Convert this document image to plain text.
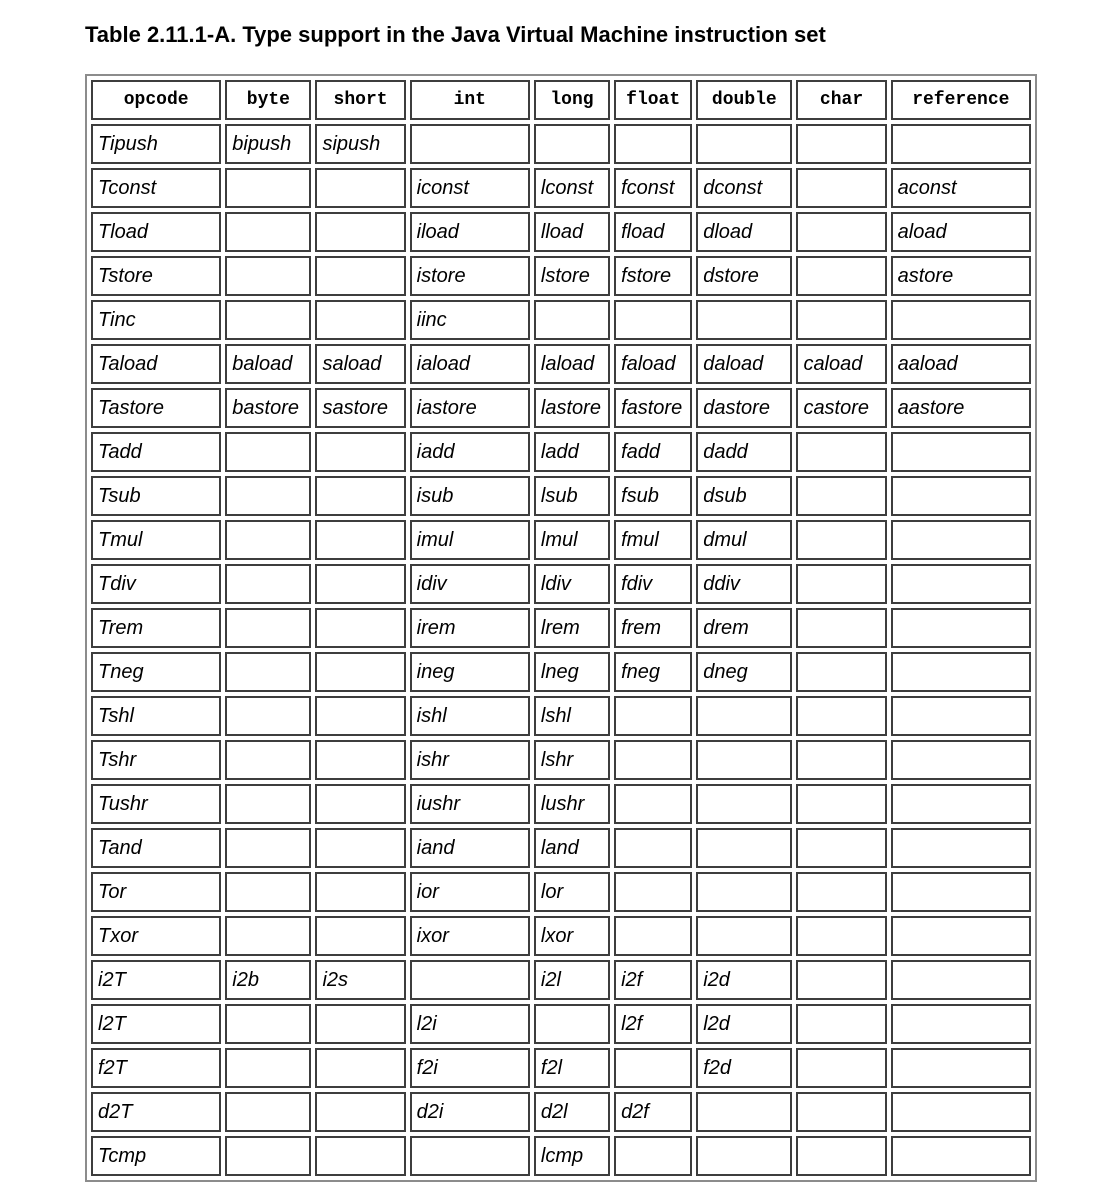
Table 2.11.1-A. Type support in the Java Virtual Machine instruction set
opcode	byte	short	int	long	float	double	char	reference
Tipush	bipush	sipush						
Tconst			iconst	lconst	fconst	dconst		aconst
Tload			iload	lload	fload	dload		aload
Tstore			istore	lstore	fstore	dstore		astore
Tinc			iinc					
Taload	baload	saload	iaload	laload	faload	daload	caload	aaload
Tastore	bastore	sastore	iastore	lastore	fastore	dastore	castore	aastore
Tadd			iadd	ladd	fadd	dadd		
Tsub			isub	lsub	fsub	dsub		
Tmul			imul	lmul	fmul	dmul		
Tdiv			idiv	ldiv	fdiv	ddiv		
Trem			irem	lrem	frem	drem		
Tneg			ineg	lneg	fneg	dneg		
Tshl			ishl	lshl				
Tshr			ishr	lshr				
Tushr			iushr	lushr				
Tand			iand	land				
Tor			ior	lor				
Txor			ixor	lxor				
i2T	i2b	i2s		i2l	i2f	i2d		
l2T			l2i		l2f	l2d		
f2T			f2i	f2l		f2d		
d2T			d2i	d2l	d2f			
Tcmp				lcmp				
